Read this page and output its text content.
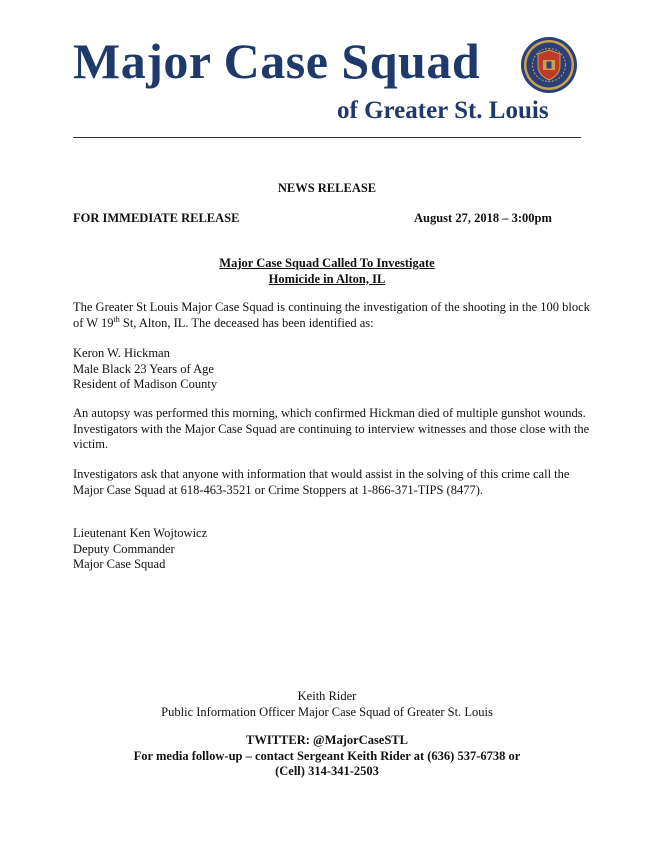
Major Case Squad
of Greater St. Louis

NEWS RELEASE

FOR IMMEDIATE RELEASE	August 27, 2018 – 3:00pm

Major Case Squad Called To Investigate
Homicide in Alton, IL

The Greater St Louis Major Case Squad is continuing the investigation of the shooting in the 100 block of W 19th St, Alton, IL. The deceased has been identified as:

Keron W. Hickman
Male Black 23 Years of Age
Resident of Madison County

An autopsy was performed this morning, which confirmed Hickman died of multiple gunshot wounds. Investigators with the Major Case Squad are continuing to interview witnesses and those close with the victim.

Investigators ask that anyone with information that would assist in the solving of this crime call the Major Case Squad at 618-463-3521 or Crime Stoppers at 1-866-371-TIPS (8477).

Lieutenant Ken Wojtowicz
Deputy Commander
Major Case Squad
Keith Rider
Public Information Officer Major Case Squad of Greater St. Louis
TWITTER: @MajorCaseSTL
For media follow-up – contact Sergeant Keith Rider at (636) 537-6738 or
(Cell) 314-341-2503
